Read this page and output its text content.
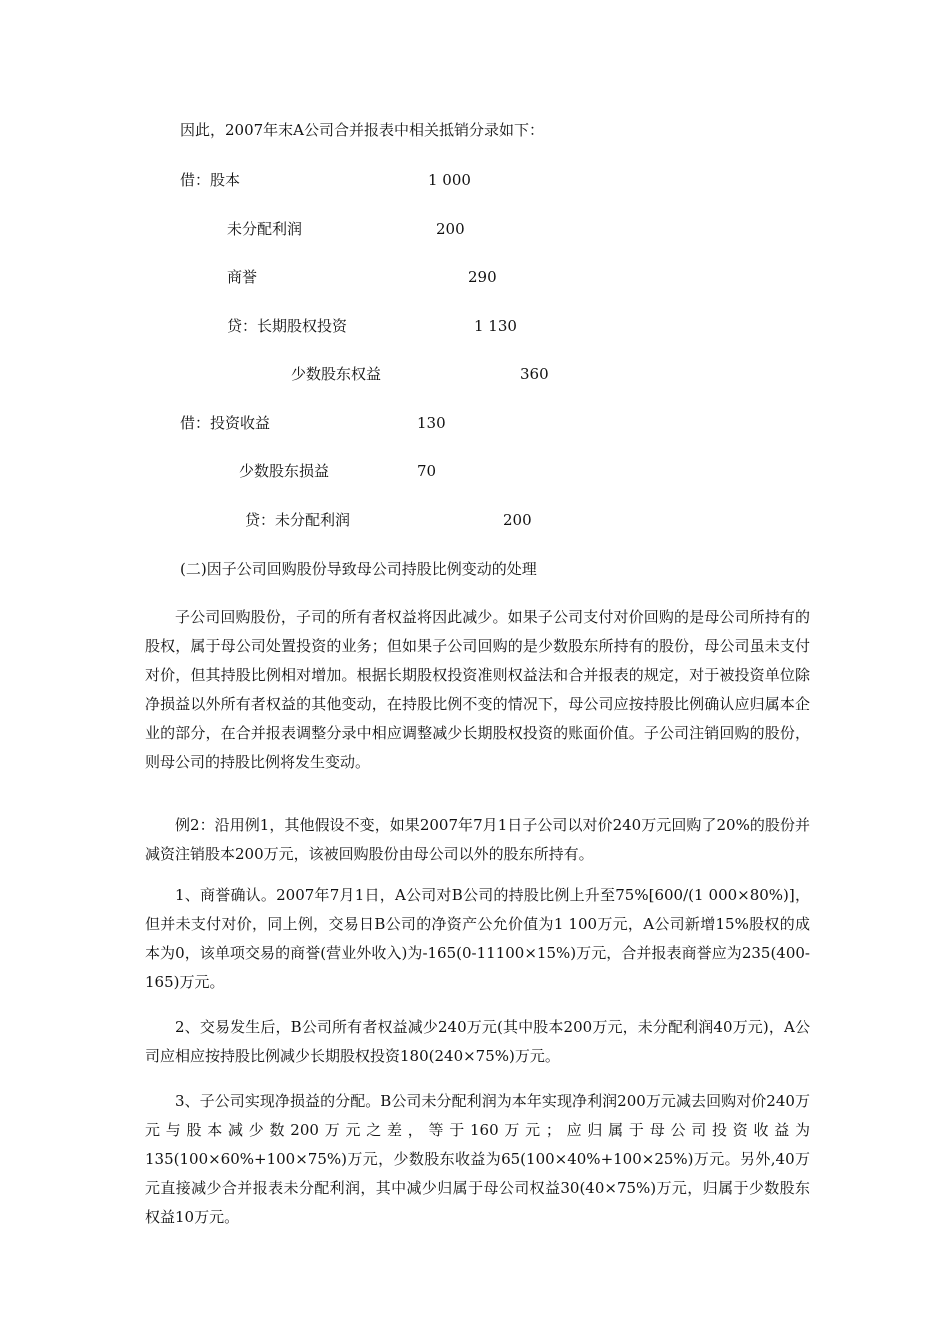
因此，2007年末A公司合并报表中相关抵销分录如下：
借：股本	1 000
未分配利润	200
商誉	290
贷：长期股权投资	1 130
少数股东权益	360
借：投资收益	130
少数股东损益	70
贷：未分配利润	200
(二)因子公司回购股份导致母公司持股比例变动的处理
子公司回购股份，子司的所有者权益将因此减少。如果子公司支付对价回购的是母公司所持有的股权，属于母公司处置投资的业务；但如果子公司回购的是少数股东所持有的股份，母公司虽未支付对价，但其持股比例相对增加。根据长期股权投资准则权益法和合并报表的规定，对于被投资单位除净损益以外所有者权益的其他变动，在持股比例不变的情况下，母公司应按持股比例确认应归属本企业的部分，在合并报表调整分录中相应调整减少长期股权投资的账面价值。子公司注销回购的股份，则母公司的持股比例将发生变动。
例2：沿用例1，其他假设不变，如果2007年7月1日子公司以对价240万元回购了20%的股份并减资注销股本200万元，该被回购股份由母公司以外的股东所持有。
1、商誉确认。2007年7月1日，A公司对B公司的持股比例上升至75%[600/(1 000×80%)]，但并未支付对价，同上例，交易日B公司的净资产公允价值为1 100万元，A公司新增15%股权的成本为0，该单项交易的商誉(营业外收入)为-165(0-11100×15%)万元，合并报表商誉应为235(400-165)万元。
2、交易发生后，B公司所有者权益减少240万元(其中股本200万元，未分配利润40万元)，A公司应相应按持股比例减少长期股权投资180(240×75%)万元。
3、子公司实现净损益的分配。B公司未分配利润为本年实现净利润200万元减去回购对价240万元与股本减少数200万元之差，等于160万元；应归属于母公司投资收益为135(100×60%+100×75%)万元，少数股东收益为65(100×40%+100×25%)万元。另外,40万元直接减少合并报表未分配利润，其中减少归属于母公司权益30(40×75%)万元，归属于少数股东权益10万元。
